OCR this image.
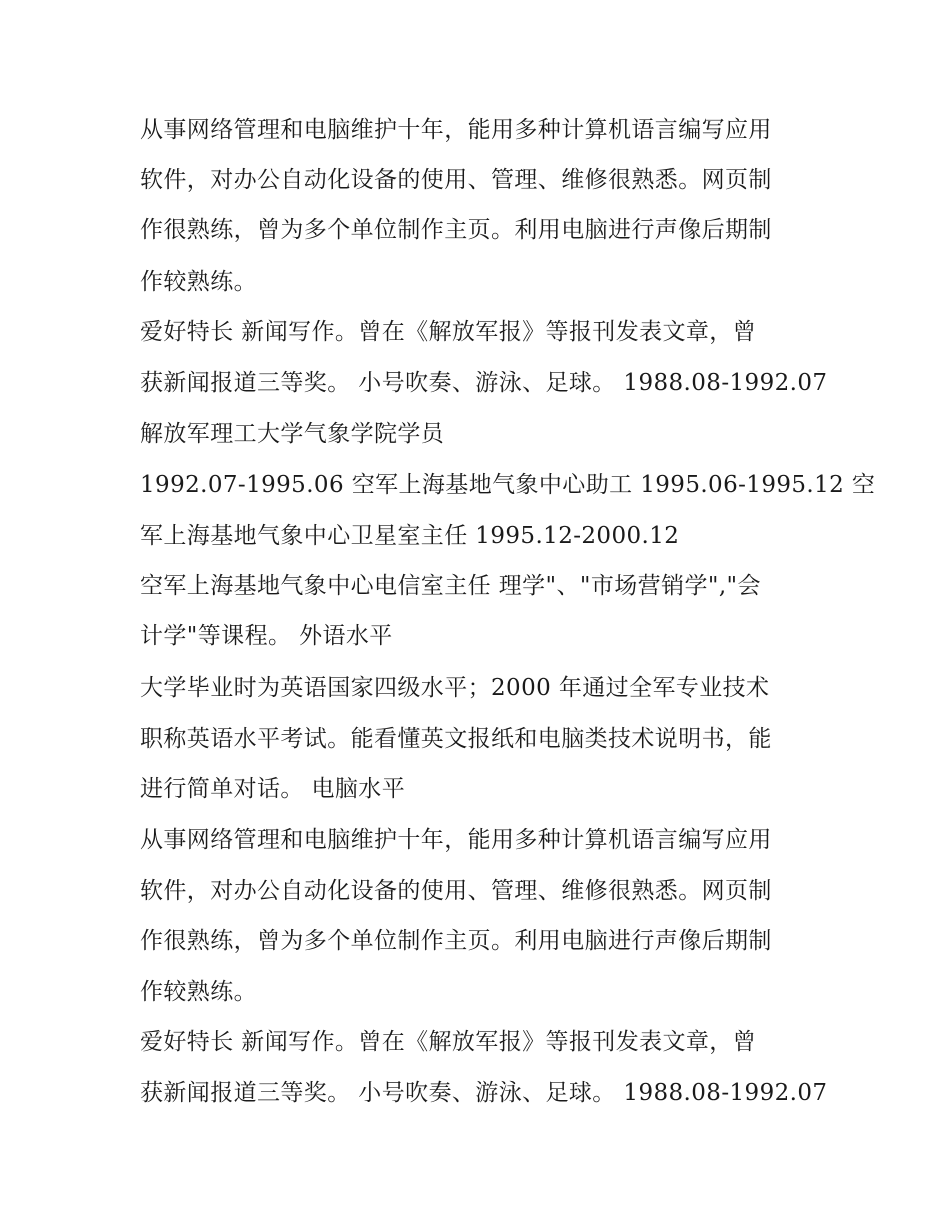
从事网络管理和电脑维护十年，能用多种计算机语言编写应用

软件，对办公自动化设备的使用、管理、维修很熟悉。网页制

作很熟练，曾为多个单位制作主页。利用电脑进行声像后期制

作较熟练。

爱好特长 新闻写作。曾在《解放军报》等报刊发表文章，曾

获新闻报道三等奖。 小号吹奏、游泳、足球。 1988.08-1992.07

解放军理工大学气象学院学员

1992.07-1995.06 空军上海基地气象中心助工 1995.06-1995.12 空

军上海基地气象中心卫星室主任 1995.12-2000.12

空军上海基地气象中心电信室主任 理学"、"市场营销学","会

计学"等课程。 外语水平

大学毕业时为英语国家四级水平；2000 年通过全军专业技术

职称英语水平考试。能看懂英文报纸和电脑类技术说明书，能

进行简单对话。 电脑水平

从事网络管理和电脑维护十年，能用多种计算机语言编写应用

软件，对办公自动化设备的使用、管理、维修很熟悉。网页制

作很熟练，曾为多个单位制作主页。利用电脑进行声像后期制

作较熟练。

爱好特长 新闻写作。曾在《解放军报》等报刊发表文章，曾

获新闻报道三等奖。 小号吹奏、游泳、足球。 1988.08-1992.07
